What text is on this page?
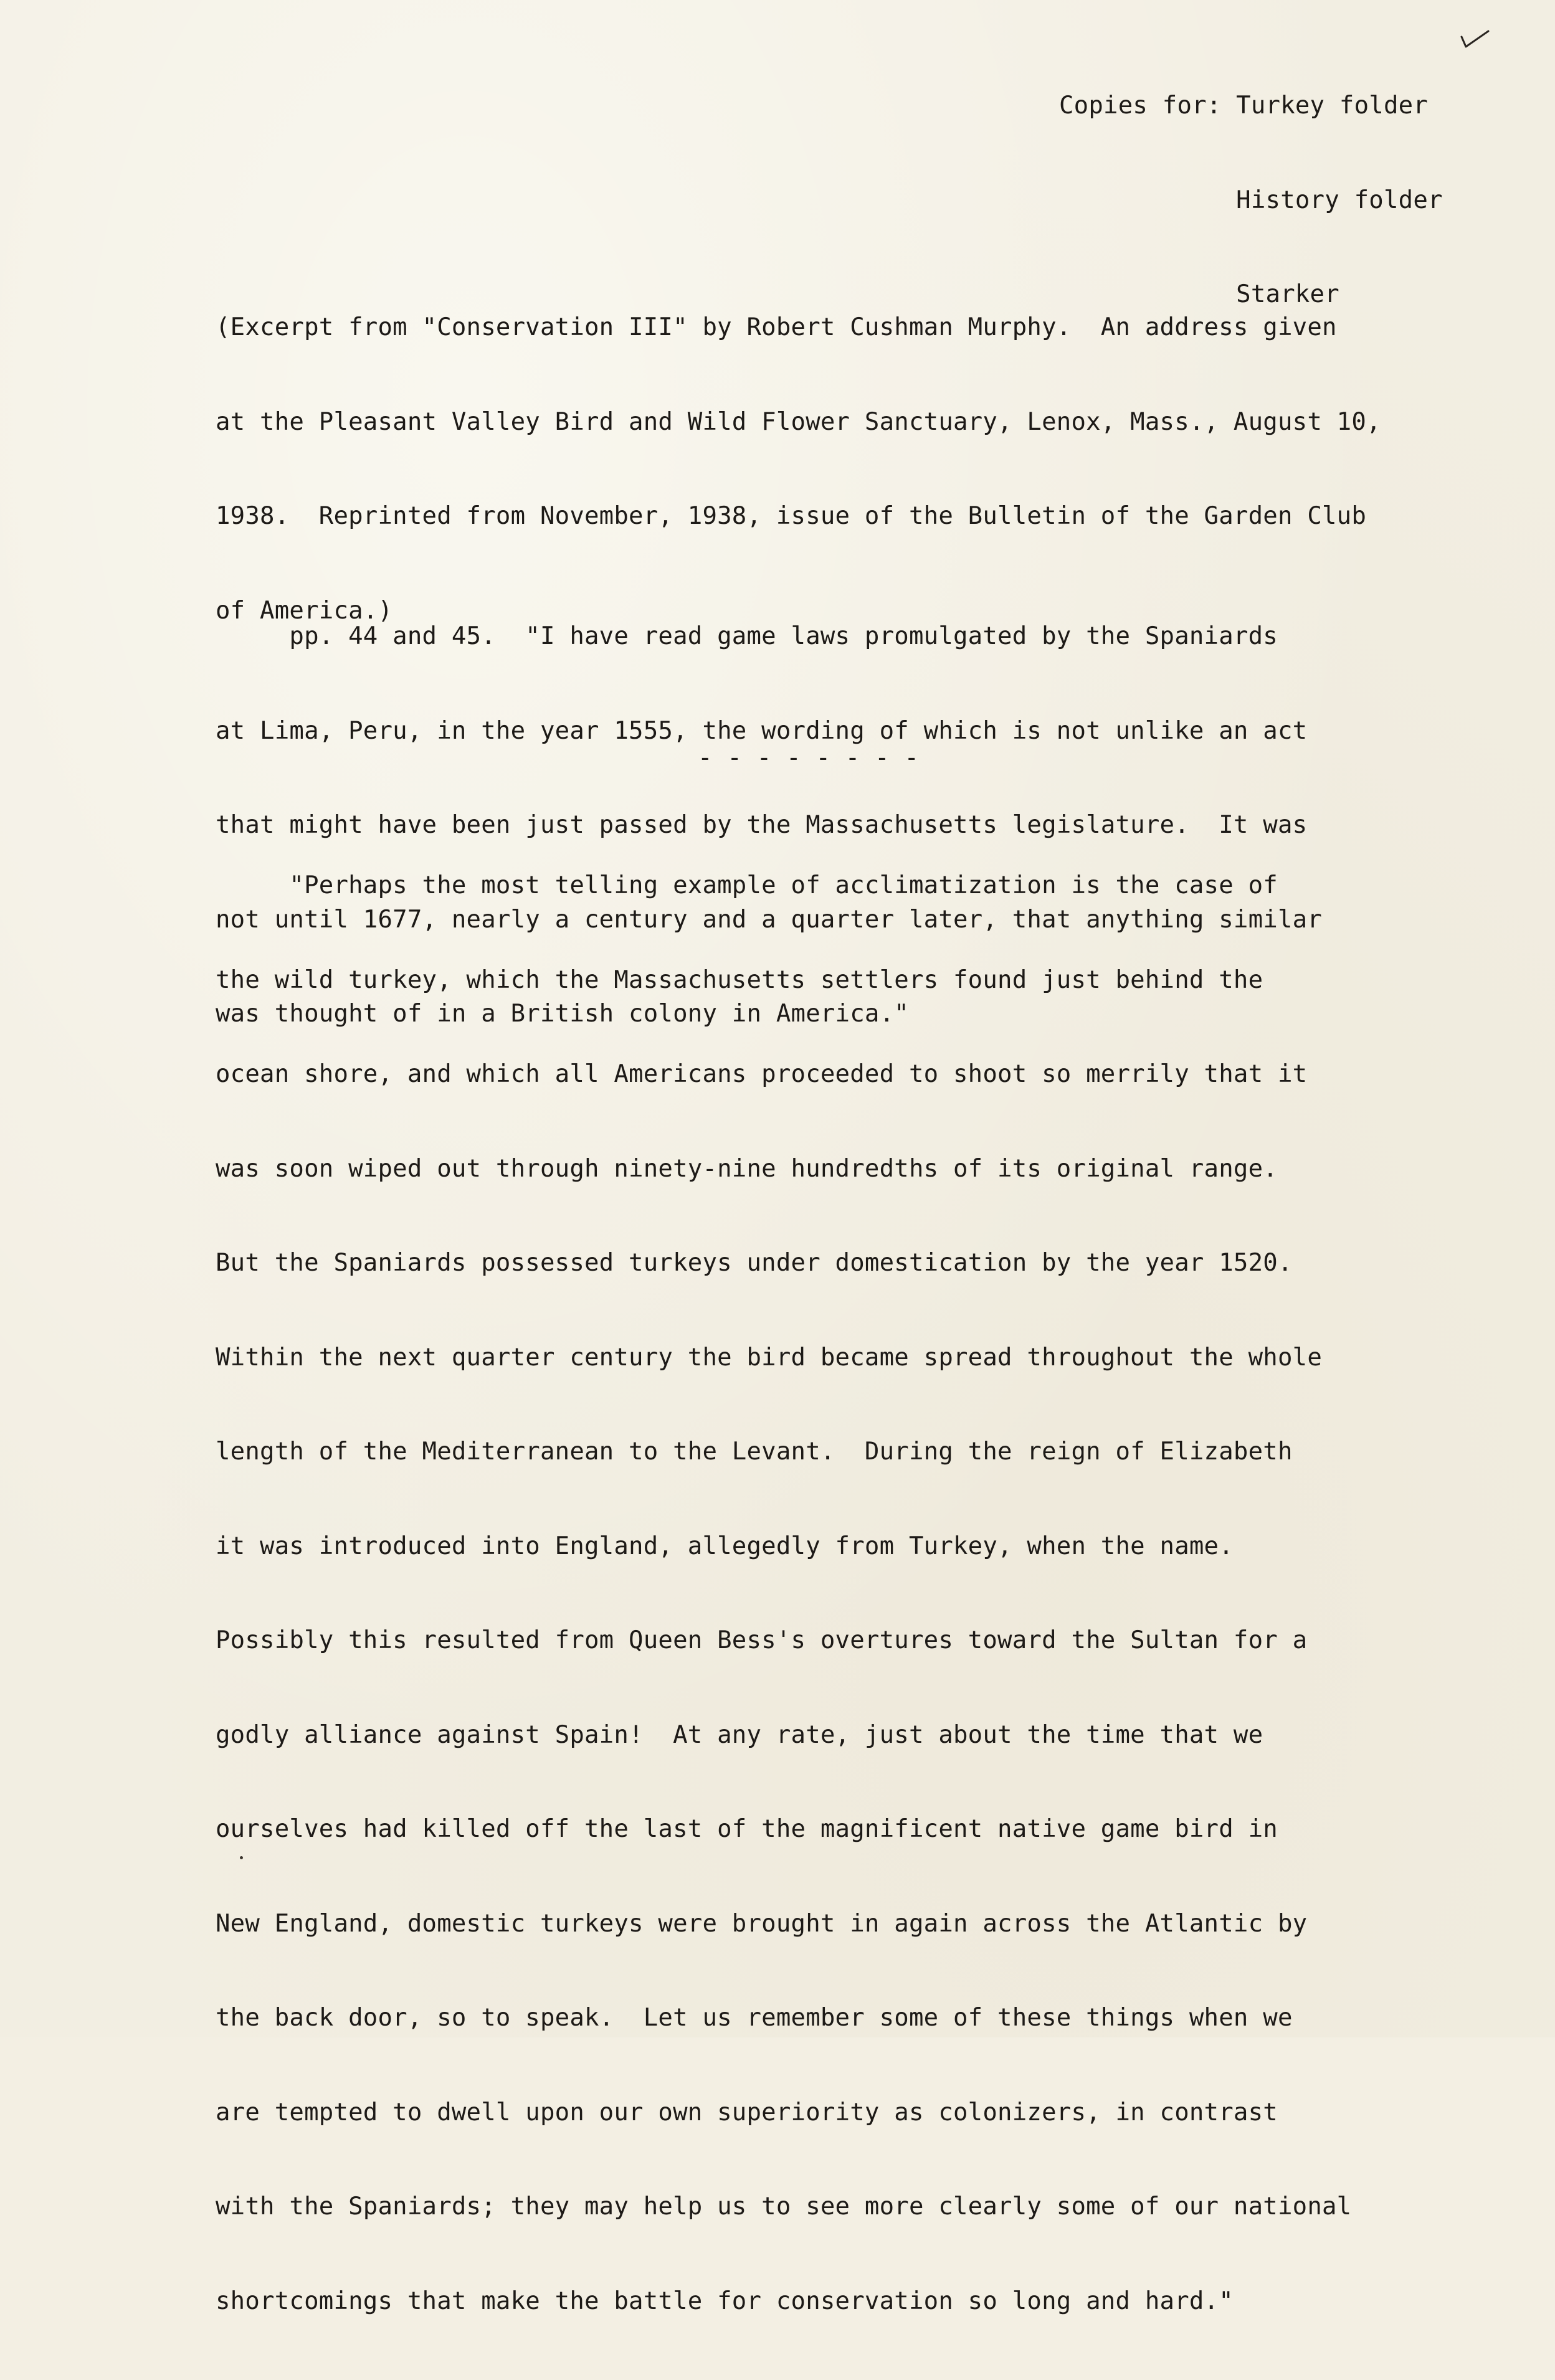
Copies for: Turkey folder

History folder

Starker

(Excerpt from "Conservation III" by Robert Cushman Murphy.  An address given

at the Pleasant Valley Bird and Wild Flower Sanctuary, Lenox, Mass., August 10,

1938.  Reprinted from November, 1938, issue of the Bulletin of the Garden Club

of America.)

pp. 44 and 45.  "I have read game laws promulgated by the Spaniards

at Lima, Peru, in the year 1555, the wording of which is not unlike an act

that might have been just passed by the Massachusetts legislature.  It was

not until 1677, nearly a century and a quarter later, that anything similar

was thought of in a British colony in America."

- - - - - - - -

"Perhaps the most telling example of acclimatization is the case of

the wild turkey, which the Massachusetts settlers found just behind the

ocean shore, and which all Americans proceeded to shoot so merrily that it

was soon wiped out through ninety-nine hundredths of its original range.

But the Spaniards possessed turkeys under domestication by the year 1520.

Within the next quarter century the bird became spread throughout the whole

length of the Mediterranean to the Levant.  During the reign of Elizabeth

it was introduced into England, allegedly from Turkey, when the name.

Possibly this resulted from Queen Bess's overtures toward the Sultan for a

godly alliance against Spain!  At any rate, just about the time that we

ourselves had killed off the last of the magnificent native game bird in

New England, domestic turkeys were brought in again across the Atlantic by

the back door, so to speak.  Let us remember some of these things when we

are tempted to dwell upon our own superiority as colonizers, in contrast

with the Spaniards; they may help us to see more clearly some of our national

shortcomings that make the battle for conservation so long and hard."
